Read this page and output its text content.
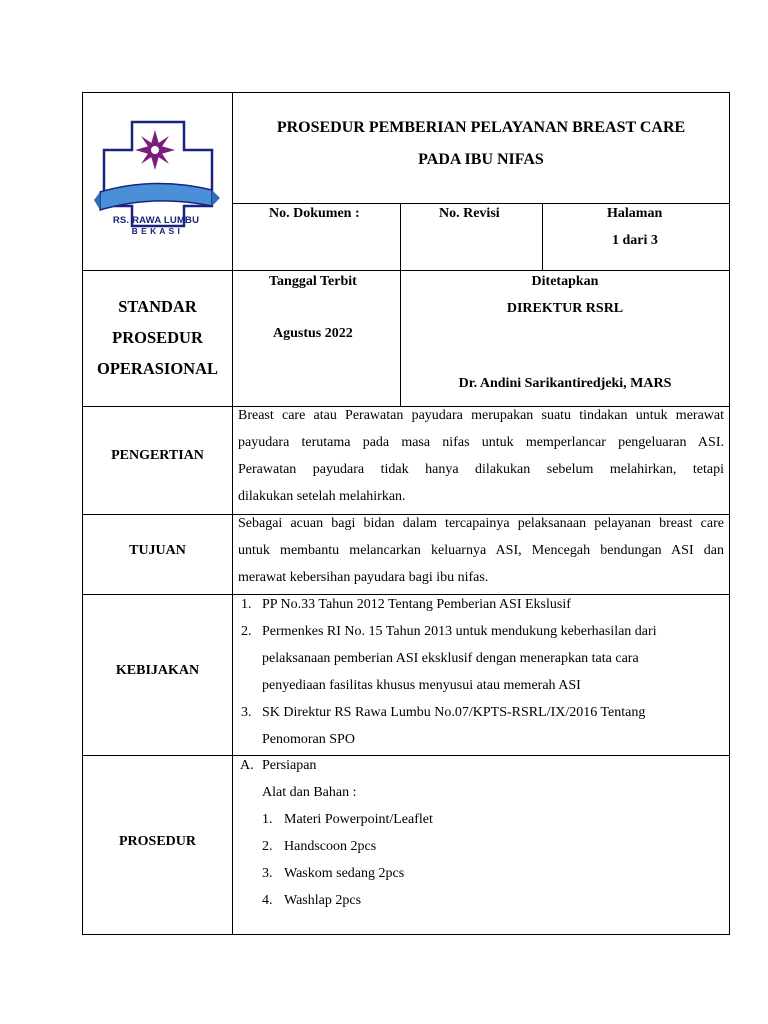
RS. RAWA LUMBU
B E K A S I
PROSEDUR PEMBERIAN PELAYANAN BREAST CARE
PADA IBU NIFAS
No. Dokumen :	No. Revisi	Halaman
1 dari 3
STANDAR
PROSEDUR
OPERASIONAL
Tanggal Terbit
Agustus 2022
Ditetapkan
DIREKTUR RSRL
Dr. Andini Sarikantiredjeki, MARS
PENGERTIAN
Breast care atau Perawatan payudara merupakan suatu tindakan untuk merawat
payudara terutama pada masa nifas untuk memperlancar pengeluaran ASI.
Perawatan payudara tidak hanya dilakukan sebelum melahirkan, tetapi
dilakukan setelah melahirkan.
TUJUAN
Sebagai acuan bagi bidan dalam tercapainya pelaksanaan pelayanan breast care
untuk membantu melancarkan keluarnya ASI, Mencegah bendungan ASI dan
merawat kebersihan payudara bagi ibu nifas.
KEBIJAKAN
1. PP No.33 Tahun 2012 Tentang Pemberian ASI Ekslusif
2. Permenkes RI No. 15 Tahun 2013 untuk mendukung keberhasilan dari
pelaksanaan pemberian ASI eksklusif dengan menerapkan tata cara
penyediaan fasilitas khusus menyusui atau memerah ASI
3. SK Direktur RS Rawa Lumbu No.07/KPTS-RSRL/IX/2016 Tentang
Penomoran SPO
PROSEDUR
A. Persiapan
Alat dan Bahan :
1. Materi Powerpoint/Leaflet
2. Handscoon 2pcs
3. Waskom sedang 2pcs
4. Washlap 2pcs
